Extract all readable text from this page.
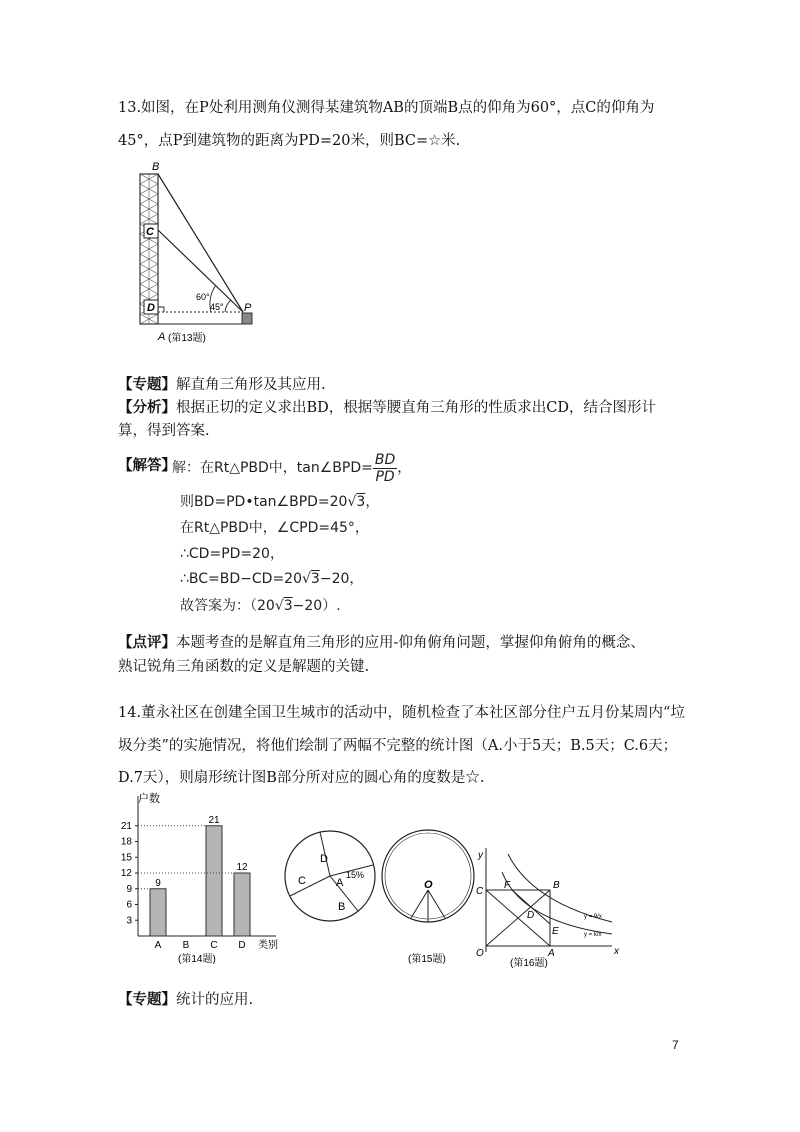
13.如图，在P处利用测角仪测得某建筑物AB的顶端B点的仰角为60°，点C的仰角为
45°，点P到建筑物的距离为PD=20米，则BC=☆米.
B
C
D
A
P
60°
45°
(第13题)
【专题】解直角三角形及其应用.
【分析】根据正切的定义求出BD，根据等腰直角三角形的性质求出CD，结合图形计
算，得到答案.
【解答】
解：在Rt△PBD中，tan∠BPD= $\frac{BD}{PD}$ ，
则BD=PD•tan∠BPD=20√3，
在Rt△PBD中，∠CPD=45°，
∴CD=PD=20，
∴BC=BD−CD=20√3−20，
故答案为：（20√3−20）.
【点评】本题考查的是解直角三角形的应用-仰角俯角问题，掌握仰角俯角的概念、
熟记锐角三角函数的定义是解题的关键.
14.董永社区在创建全国卫生城市的活动中，随机检查了本社区部分住户五月份某周内“垃
圾分类”的实施情况，将他们绘制了两幅不完整的统计图（A.小于5天；B.5天；C.6天；
D.7天），则扇形统计图B部分所对应的圆心角的度数是☆.
3
6
9
12
15
18
21
9
A B
21
C
12
D
户数
类别
(第14题)
D
A
15%
B
C	O
(第15题)
y
x
O	A
B
C
D
E
F
y = 9/x
y = k/x
(第16题)
【专题】统计的应用.
7
